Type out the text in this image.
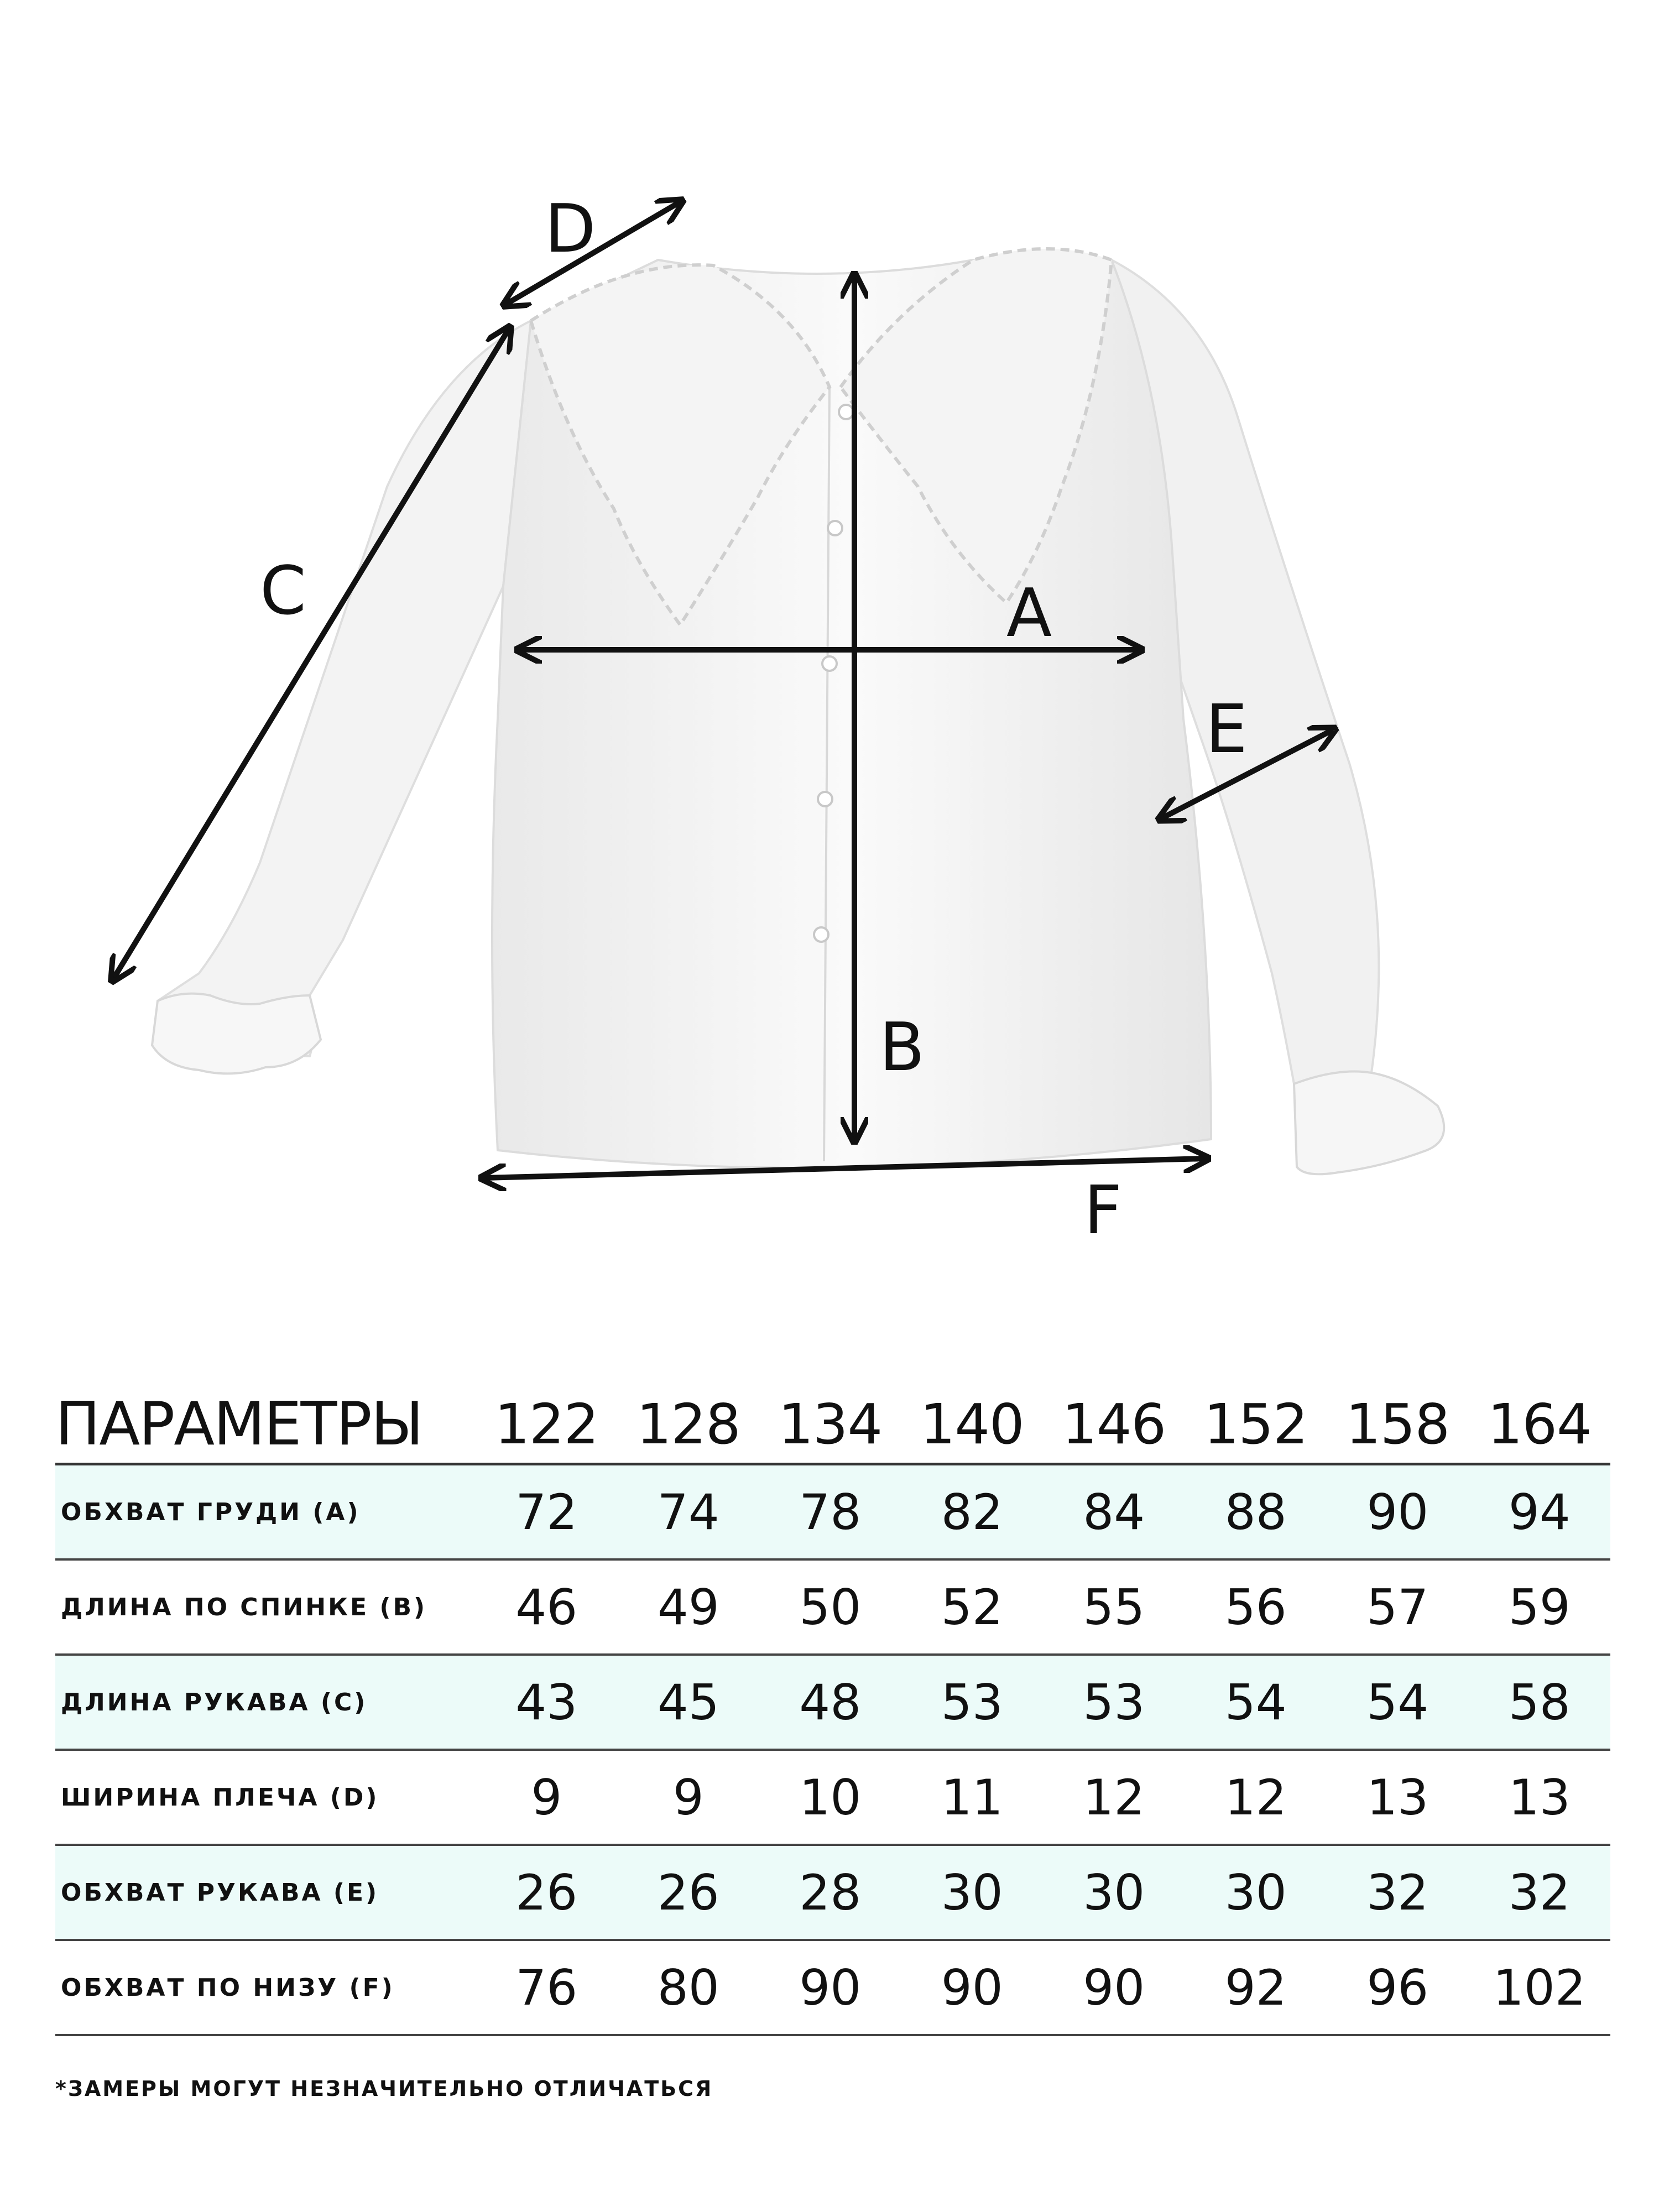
A
B
C
D
E
F
ПАРАМЕТРЫ	122	128	134	140	146	152	158	164
ОБХВАТ ГРУДИ (A)	72	74	78	82	84	88	90	94
ДЛИНА ПО СПИНКЕ (B)	46	49	50	52	55	56	57	59
ДЛИНА РУКАВА (C)	43	45	48	53	53	54	54	58
ШИРИНА ПЛЕЧА (D)	9	9	10	11	12	12	13	13
ОБХВАТ РУКАВА (E)	26	26	28	30	30	30	32	32
ОБХВАТ ПО НИЗУ (F)	76	80	90	90	90	92	96	102
*ЗАМЕРЫ МОГУТ НЕЗНАЧИТЕЛЬНО ОТЛИЧАТЬСЯ
